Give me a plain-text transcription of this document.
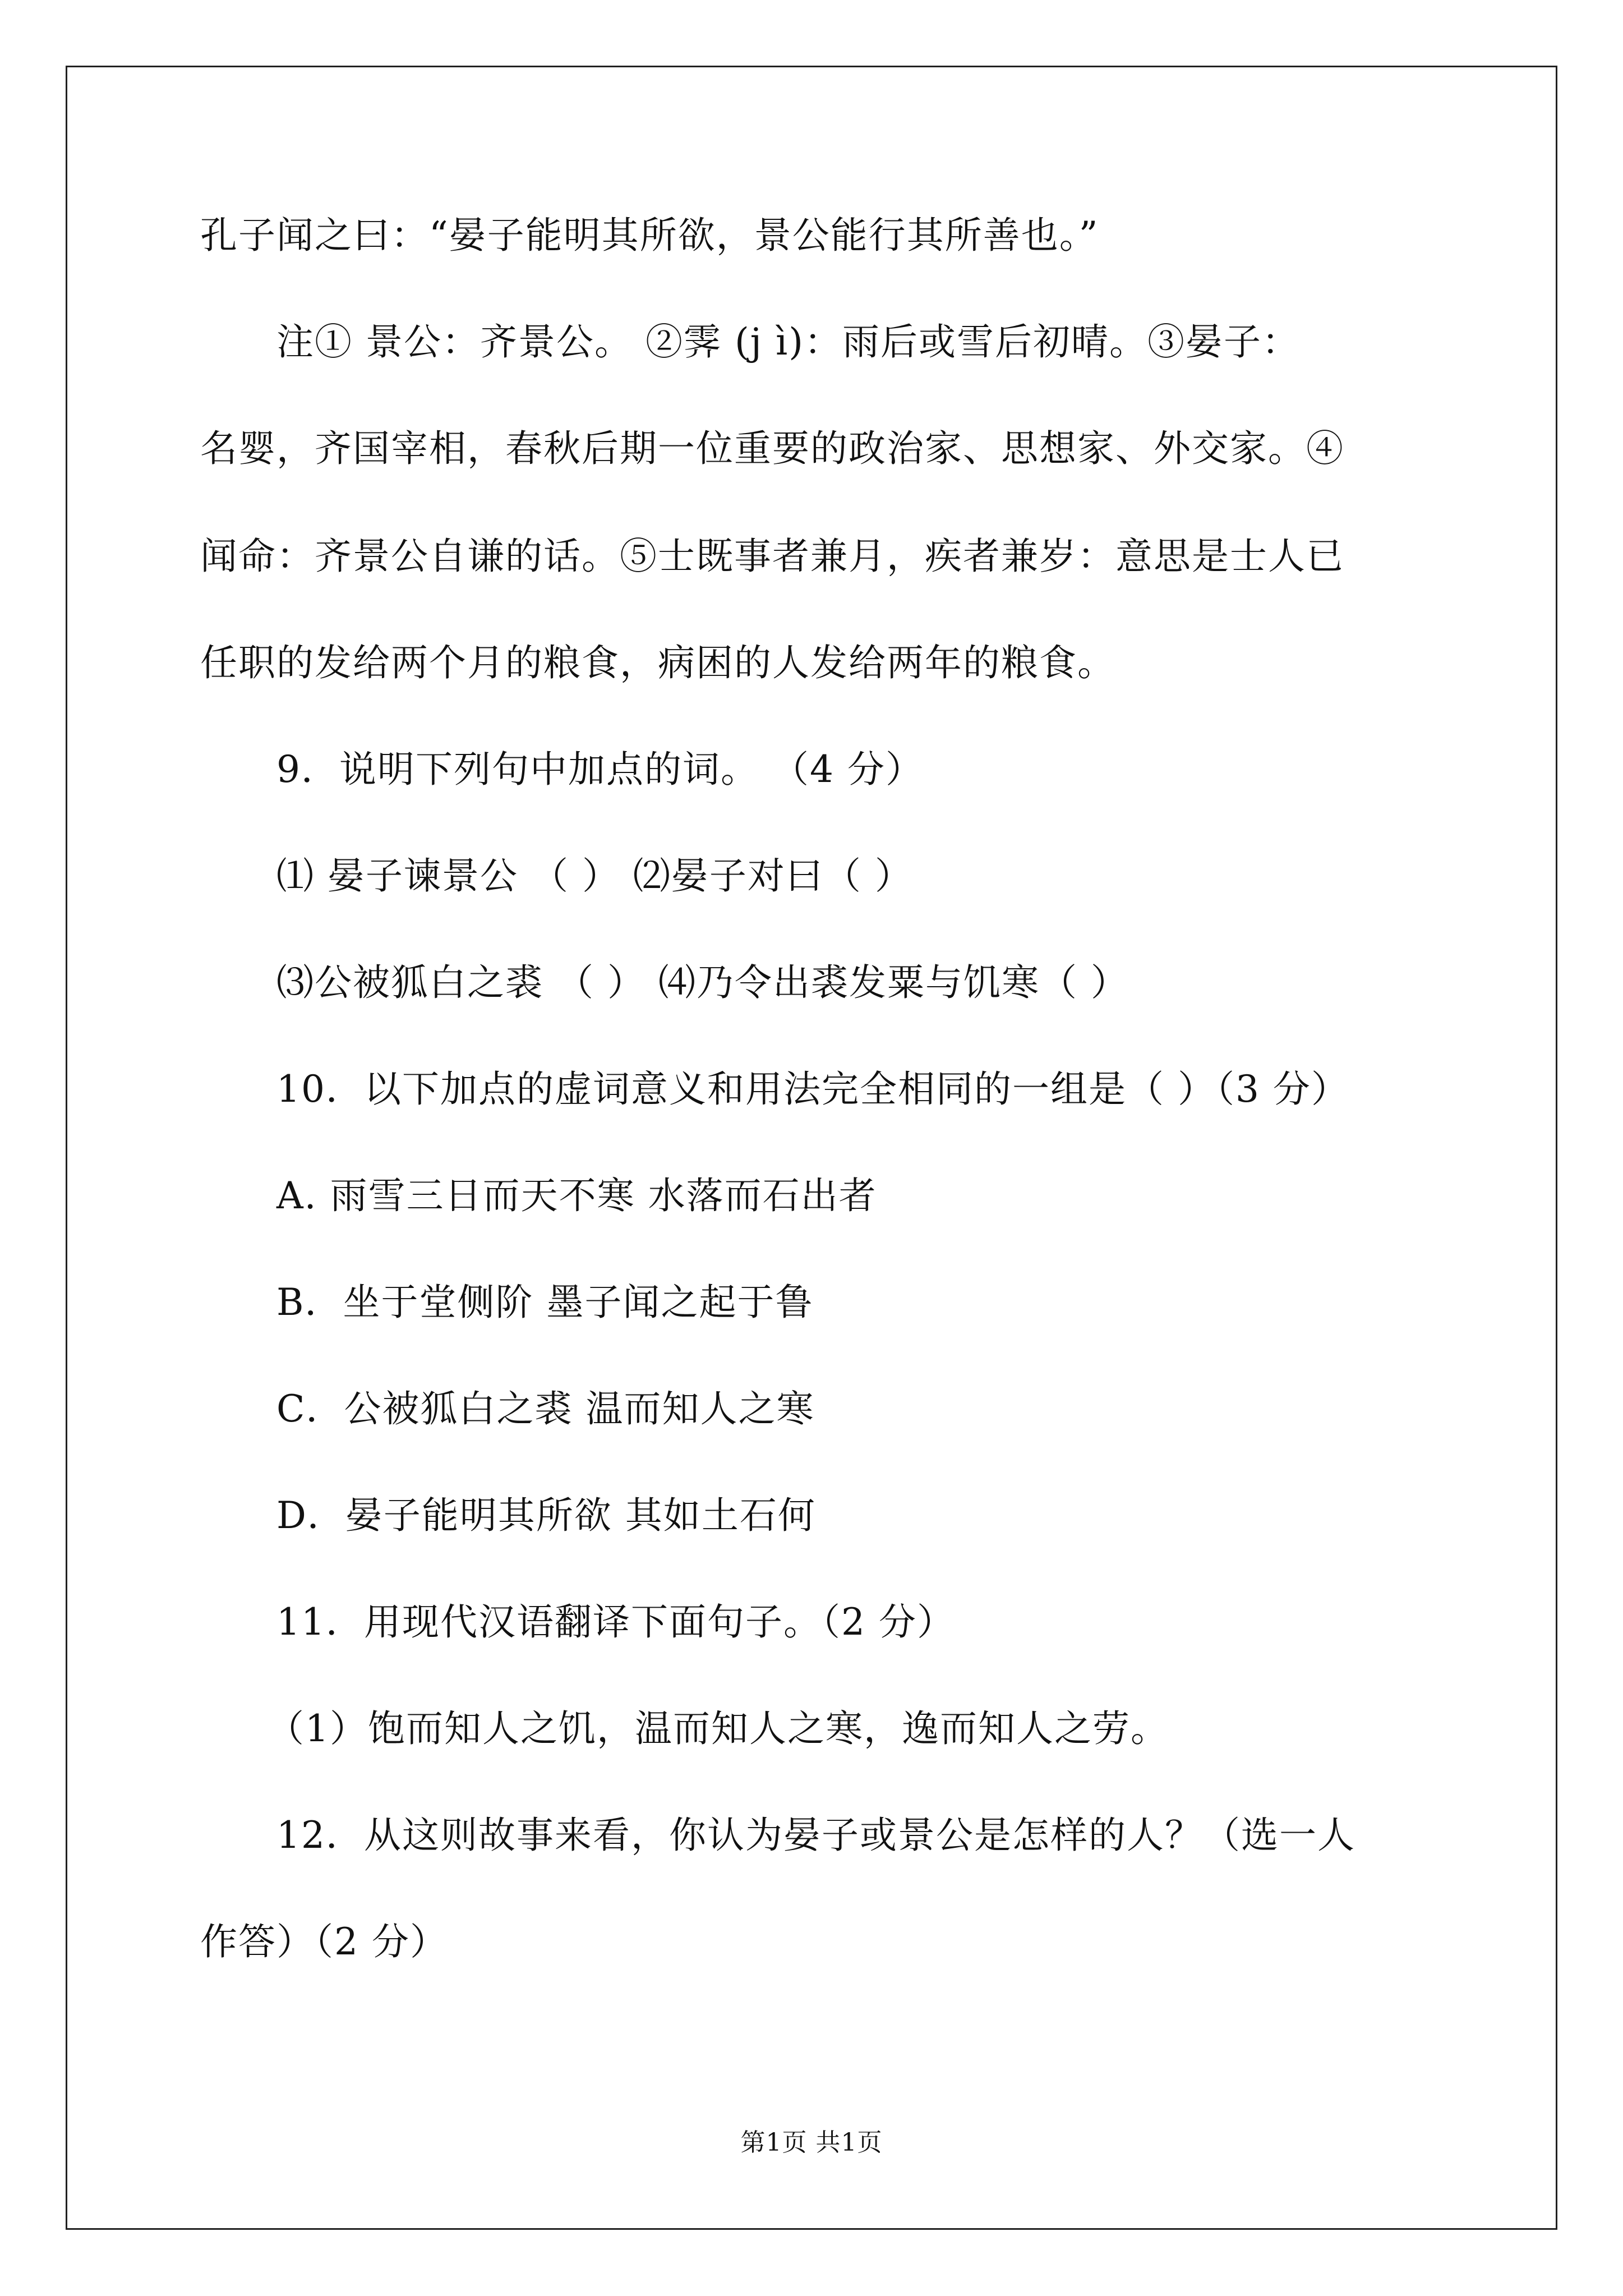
孔子闻之曰：“晏子能明其所欲，景公能行其所善也。”
注① 景公：齐景公。 ②霁 (j ì)：雨后或雪后初晴。③晏子：
名婴，齐国宰相，春秋后期一位重要的政治家、思想家、外交家。④
闻命：齐景公自谦的话。⑤士既事者兼月，疾者兼岁：意思是士人已
任职的发给两个月的粮食，病困的人发给两年的粮食。
9．说明下列句中加点的词。 （4 分）
⑴ 晏子谏景公 （ ） ⑵晏子对曰（ ）
⑶公被狐白之裘 （ ） ⑷乃令出裘发粟与饥寒（ ）
10．以下加点的虚词意义和用法完全相同的一组是（ ）（3 分）
A. 雨雪三日而天不寒 水落而石出者
B．坐于堂侧阶 墨子闻之起于鲁
C．公被狐白之裘 温而知人之寒
D．晏子能明其所欲 其如土石何
11．用现代汉语翻译下面句子。（2 分）
（1）饱而知人之饥，温而知人之寒，逸而知人之劳。
12．从这则故事来看，你认为晏子或景公是怎样的人？（选一人
作答）（2 分）
第1页 共1页
